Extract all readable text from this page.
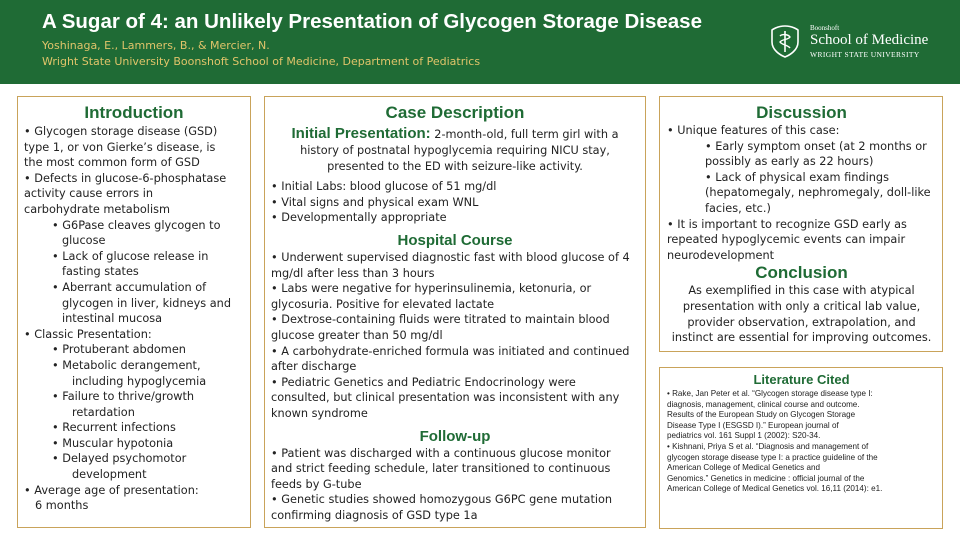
A Sugar of 4: an Unlikely Presentation of Glycogen Storage Disease
Yoshinaga, E., Lammers, B., & Mercier, N.
Wright State University Boonshoft School of Medicine, Department of Pediatrics
Boonshoft
School of Medicine
WRIGHT STATE UNIVERSITY
Introduction
• Glycogen storage disease (GSD)
type 1, or von Gierke’s disease, is
the most common form of GSD
• Defects in glucose-6-phosphatase
activity cause errors in
carbohydrate metabolism
• G6Pase cleaves glycogen to
glucose
• Lack of glucose release in
fasting states
• Aberrant accumulation of
glycogen in liver, kidneys and
intestinal mucosa
• Classic Presentation:
• Protuberant abdomen
• Metabolic derangement,
including hypoglycemia
• Failure to thrive/growth
retardation
• Recurrent infections
• Muscular hypotonia
• Delayed psychomotor
development
• Average age of presentation:
6 months
Case Description
Initial Presentation: 2-month-old, full term girl with a
history of postnatal hypoglycemia requiring NICU stay,
presented to the ED with seizure-like activity.
• Initial Labs: blood glucose of 51 mg/dl
• Vital signs and physical exam WNL
• Developmentally appropriate
Hospital Course
• Underwent supervised diagnostic fast with blood glucose of 4
mg/dl after less than 3 hours
• Labs were negative for hyperinsulinemia, ketonuria, or
glycosuria. Positive for elevated lactate
• Dextrose-containing fluids were titrated to maintain blood
glucose greater than 50 mg/dl
• A carbohydrate-enriched formula was initiated and continued
after discharge
• Pediatric Genetics and Pediatric Endocrinology were
consulted, but clinical presentation was inconsistent with any
known syndrome
Follow-up
• Patient was discharged with a continuous glucose monitor
and strict feeding schedule, later transitioned to continuous
feeds by G-tube
• Genetic studies showed homozygous G6PC gene mutation
confirming diagnosis of GSD type 1a
Discussion
• Unique features of this case:
• Early symptom onset (at 2 months or
possibly as early as 22 hours)
• Lack of physical exam findings
(hepatomegaly, nephromegaly, doll-like
facies, etc.)
• It is important to recognize GSD early as
repeated hypoglycemic events can impair
neurodevelopment
Conclusion
As exemplified in this case with atypical
presentation with only a critical lab value,
provider observation, extrapolation, and
instinct are essential for improving outcomes.
Literature Cited
• Rake, Jan Peter et al. “Glycogen storage disease type I:
diagnosis, management, clinical course and outcome.
Results of the European Study on Glycogen Storage
Disease Type I (ESGSD I).” European journal of
pediatrics vol. 161 Suppl 1 (2002): S20-34.
• Kishnani, Priya S et al. “Diagnosis and management of
glycogen storage disease type I: a practice guideline of the
American College of Medical Genetics and
Genomics.” Genetics in medicine : official journal of the
American College of Medical Genetics vol. 16,11 (2014): e1.
